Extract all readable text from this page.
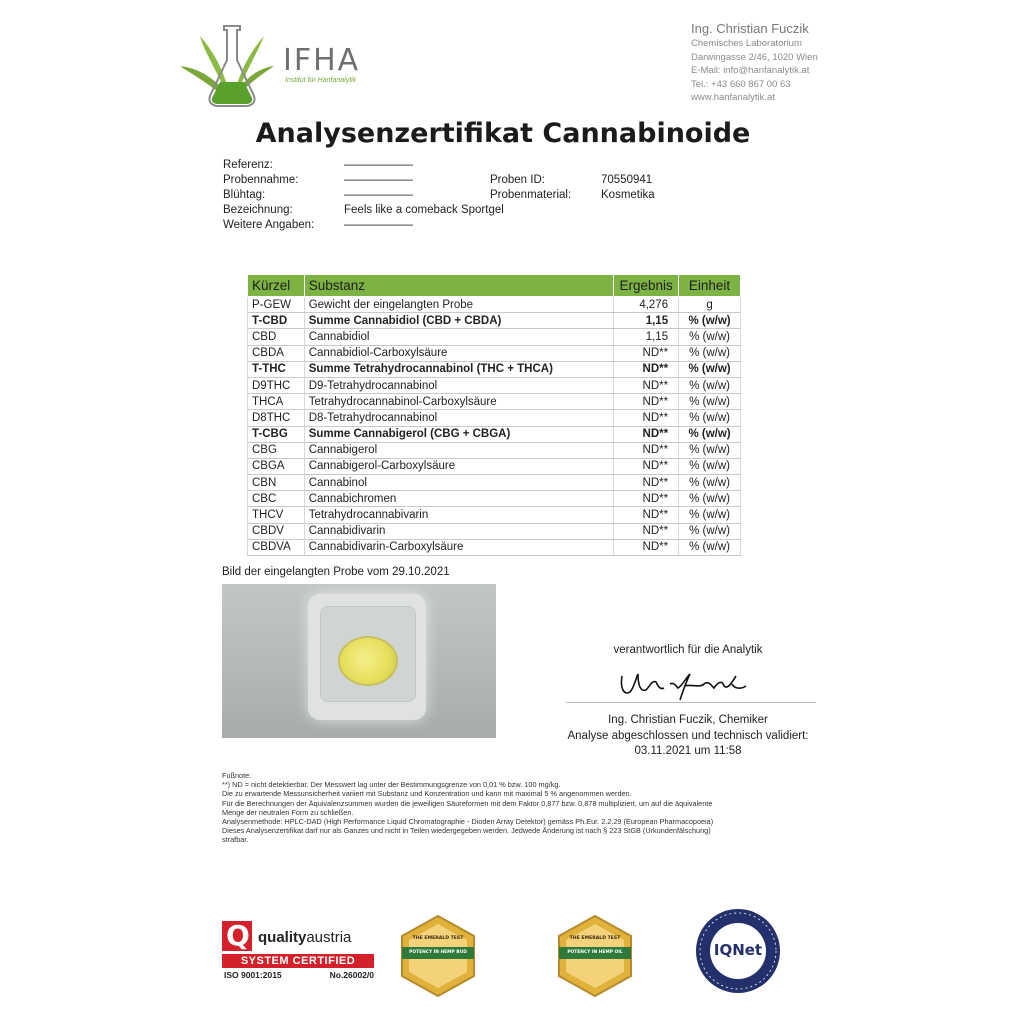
IFHA
Institut für Hanfanalytik
Ing. Christian Fuczik
Chemisches Laboratorium
Darwingasse 2/46, 1020 Wien
E-Mail: info@hanfanalytik.at
Tel.: +43 660 867 00 63
www.hanfanalytik.at
Analysenzertifikat Cannabinoide
Referenz:	——————
Probennahme:	——————
Blühtag:	——————
Bezeichnung:	Feels like a comeback Sportgel
Weitere Angaben:	——————
Proben ID:	70550941
Probenmaterial:	Kosmetika
Kürzel	Substanz	Ergebnis	Einheit
P-GEW	Gewicht der eingelangten Probe	4,276	g
T-CBD	Summe Cannabidiol (CBD + CBDA)	1,15	% (w/w)
CBD	Cannabidiol	1,15	% (w/w)
CBDA	Cannabidiol-Carboxylsäure	ND**	% (w/w)
T-THC	Summe Tetrahydrocannabinol (THC + THCA)	ND**	% (w/w)
D9THC	D9-Tetrahydrocannabinol	ND**	% (w/w)
THCA	Tetrahydrocannabinol-Carboxylsäure	ND**	% (w/w)
D8THC	D8-Tetrahydrocannabinol	ND**	% (w/w)
T-CBG	Summe Cannabigerol (CBG + CBGA)	ND**	% (w/w)
CBG	Cannabigerol	ND**	% (w/w)
CBGA	Cannabigerol-Carboxylsäure	ND**	% (w/w)
CBN	Cannabinol	ND**	% (w/w)
CBC	Cannabichromen	ND**	% (w/w)
THCV	Tetrahydrocannabivarin	ND**	% (w/w)
CBDV	Cannabidivarin	ND**	% (w/w)
CBDVA	Cannabidivarin-Carboxylsäure	ND**	% (w/w)
Bild der eingelangten Probe vom 29.10.2021
verantwortlich für die Analytik
Ing. Christian Fuczik, Chemiker
Analyse abgeschlossen und technisch validiert:
03.11.2021 um 11:58
Fußnote:
**) ND = nicht detektierbar. Der Messwert lag unter der Bestimmungsgrenze von 0,01 % bzw. 100 mg/kg.
Die zu erwartende Messunsicherheit variiert mit Substanz und Konzentration und kann mit maximal 5 % angenommen werden.
Für die Berechnungen der Äquivalenzsummen wurden die jeweiligen Säureformen mit dem Faktor 0,877 bzw. 0,878 multipliziert, um auf die äquivalente
Menge der neutralen Form zu schließen.
Analysenmethode: HPLC-DAD (High Performance Liquid Chromatographie - Dioden Array Detektor) gemäss Ph.Eur. 2.2.29 (European Pharmacopoeia)
Dieses Analysenzertifikat darf nur als Ganzes und nicht in Teilen wiedergegeben werden. Jedwede Änderung ist nach § 223 StGB (Urkundenfälschung)
strafbar.
Q qualityaustria
SYSTEM CERTIFIED
ISO 9001:2015	No.26002/0
THE EMERALD TEST
POTENCY IN HEMP BUD
THE EMERALD TEST
POTENCY IN HEMP OIL	IQNet
